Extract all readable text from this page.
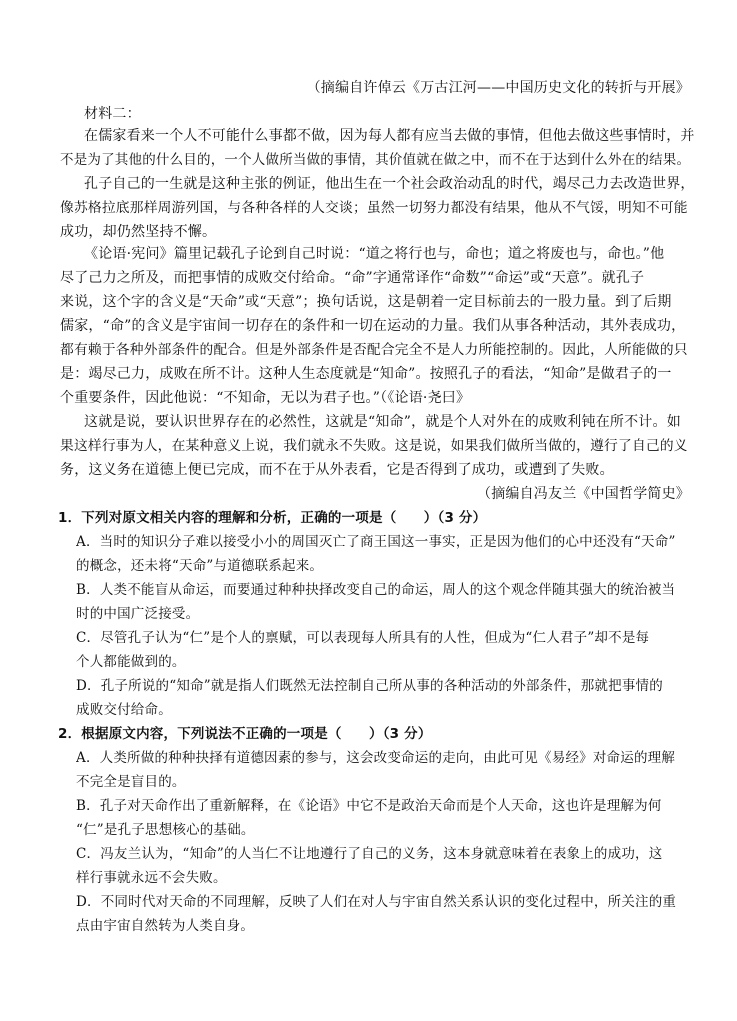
（摘编自许倬云《万古江河——中国历史文化的转折与开展》
材料二：
在儒家看来一个人不可能什么事都不做，因为每人都有应当去做的事情，但他去做这些事情时，并
不是为了其他的什么目的，一个人做所当做的事情，其价值就在做之中，而不在于达到什么外在的结果。
孔子自己的一生就是这种主张的例证，他出生在一个社会政治动乱的时代，竭尽己力去改造世界，
像苏格拉底那样周游列国，与各种各样的人交谈；虽然一切努力都没有结果，他从不气馁，明知不可能
成功，却仍然坚持不懈。
《论语·宪问》篇里记载孔子论到自己时说：“道之将行也与，命也；道之将废也与，命也。”他
尽了己力之所及，而把事情的成败交付给命。“命”字通常译作“命数”“命运”或“天意”。就孔子
来说，这个字的含义是“天命”或“天意”；换句话说，这是朝着一定目标前去的一股力量。到了后期
儒家，“命”的含义是宇宙间一切存在的条件和一切在运动的力量。我们从事各种活动，其外表成功，
都有赖于各种外部条件的配合。但是外部条件是否配合完全不是人力所能控制的。因此，人所能做的只
是：竭尽己力，成败在所不计。这种人生态度就是“知命”。按照孔子的看法，“知命”是做君子的一
个重要条件，因此他说：“不知命，无以为君子也。”（《论语·尧曰》
这就是说，要认识世界存在的必然性，这就是“知命”，就是个人对外在的成败利钝在所不计。如
果这样行事为人，在某种意义上说，我们就永不失败。这是说，如果我们做所当做的，遵行了自己的义
务，这义务在道德上便已完成，而不在于从外表看，它是否得到了成功，或遭到了失败。
（摘编自冯友兰《中国哲学简史》
1．下列对原文相关内容的理解和分析，正确的一项是（　　）（3 分）
A．当时的知识分子难以接受小小的周国灭亡了商王国这一事实，正是因为他们的心中还没有“天命”
的概念，还未将“天命”与道德联系起来。
B．人类不能盲从命运，而要通过种种抉择改变自己的命运，周人的这个观念伴随其强大的统治被当
时的中国广泛接受。
C．尽管孔子认为“仁”是个人的禀赋，可以表现每人所具有的人性，但成为“仁人君子”却不是每
个人都能做到的。
D．孔子所说的“知命”就是指人们既然无法控制自己所从事的各种活动的外部条件，那就把事情的
成败交付给命。
2．根据原文内容，下列说法不正确的一项是（　　）（3 分）
A．人类所做的种种抉择有道德因素的参与，这会改变命运的走向，由此可见《易经》对命运的理解
不完全是盲目的。
B．孔子对天命作出了重新解释，在《论语》中它不是政治天命而是个人天命，这也许是理解为何
“仁”是孔子思想核心的基础。
C．冯友兰认为，“知命”的人当仁不让地遵行了自己的义务，这本身就意味着在表象上的成功，这
样行事就永远不会失败。
D．不同时代对天命的不同理解，反映了人们在对人与宇宙自然关系认识的变化过程中，所关注的重
点由宇宙自然转为人类自身。
